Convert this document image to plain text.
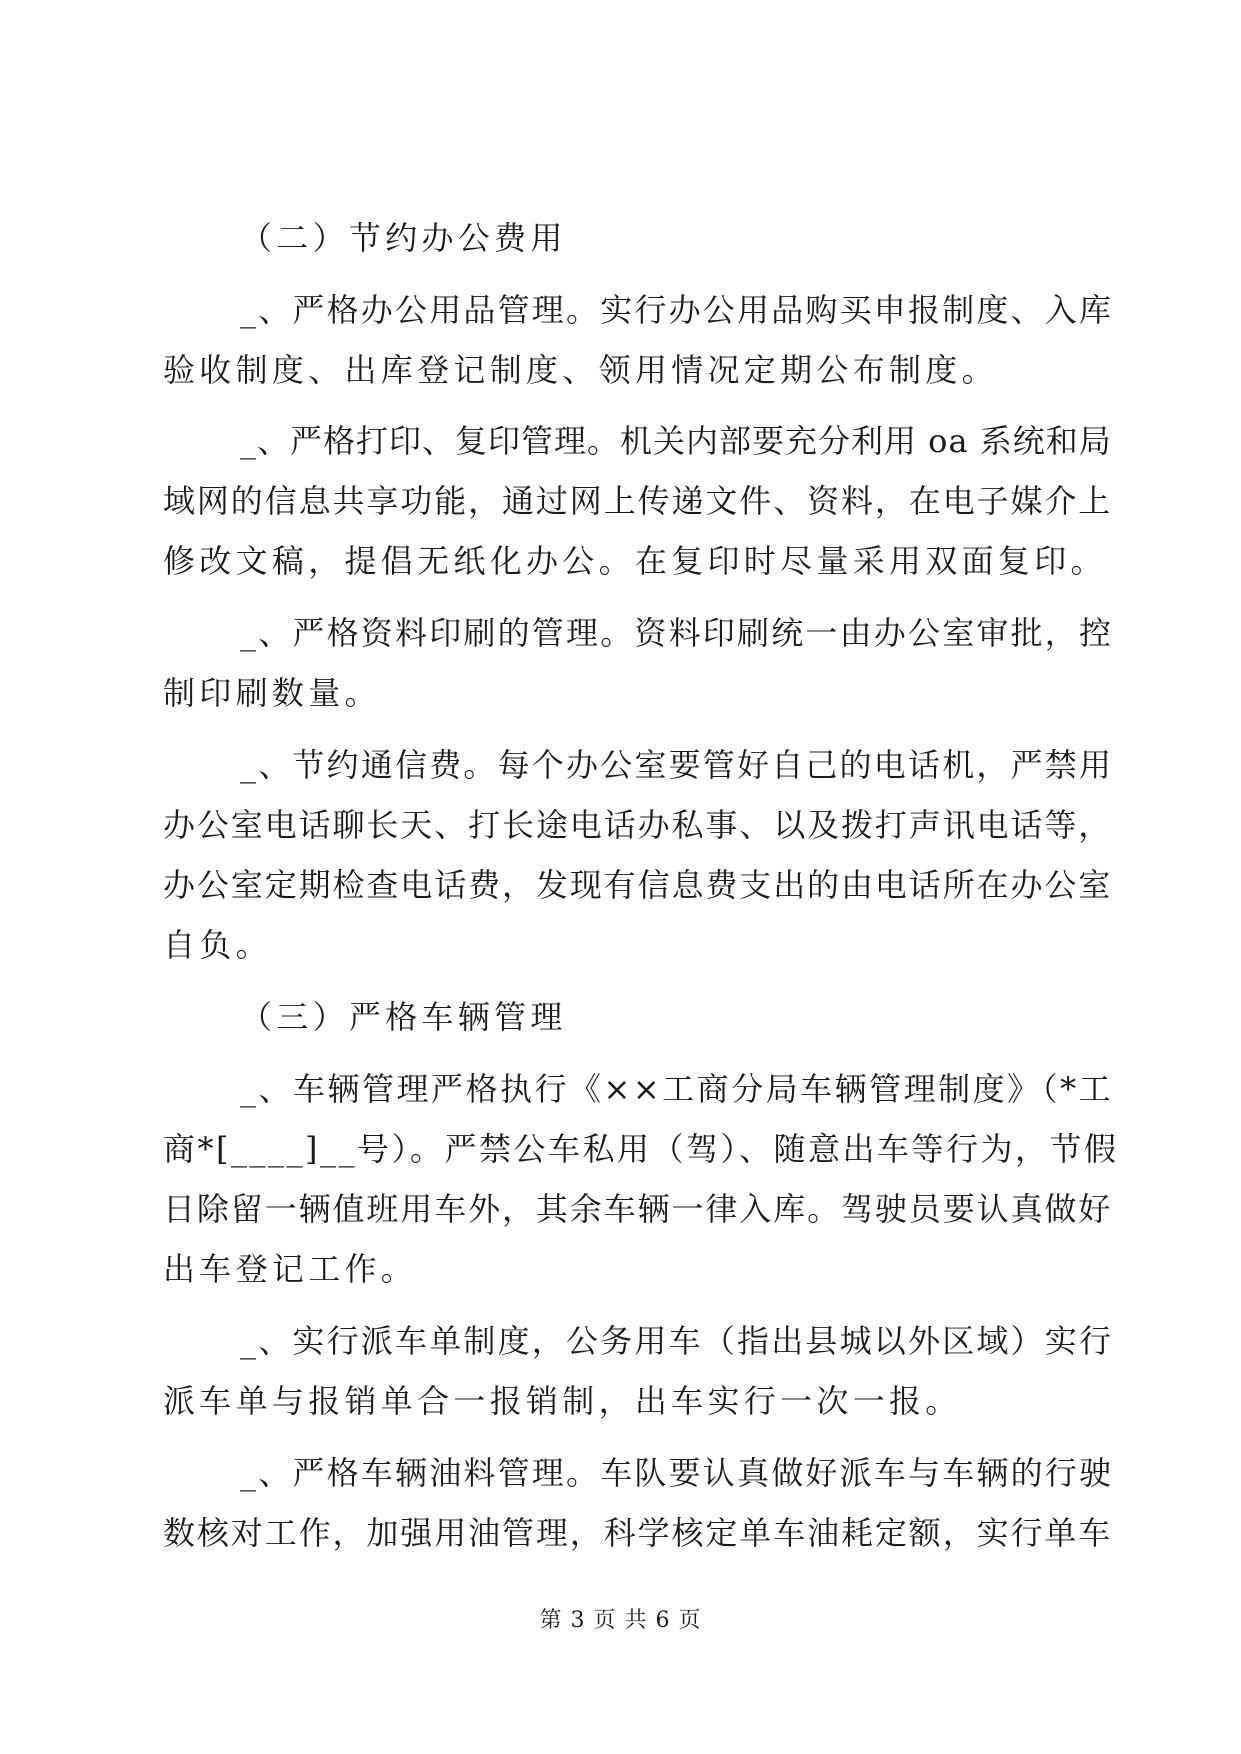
（二）节约办公费用
_、严格办公用品管理。实行办公用品购买申报制度、入库
验收制度、出库登记制度、领用情况定期公布制度。
_、严格打印、复印管理。机关内部要充分利用 oa 系统和局
域网的信息共享功能，通过网上传递文件、资料，在电子媒介上
修改文稿，提倡无纸化办公。在复印时尽量采用双面复印。
_、严格资料印刷的管理。资料印刷统一由办公室审批，控
制印刷数量。
_、节约通信费。每个办公室要管好自己的电话机，严禁用
办公室电话聊长天、打长途电话办私事、以及拨打声讯电话等，
办公室定期检查电话费，发现有信息费支出的由电话所在办公室
自负。
（三）严格车辆管理
_、车辆管理严格执行《××工商分局车辆管理制度》（*工
商*[____]__号）。严禁公车私用（驾）、随意出车等行为，节假
日除留一辆值班用车外，其余车辆一律入库。驾驶员要认真做好
出车登记工作。
_、实行派车单制度，公务用车（指出县城以外区域）实行
派车单与报销单合一报销制，出车实行一次一报。
_、严格车辆油料管理。车队要认真做好派车与车辆的行驶
数核对工作，加强用油管理，科学核定单车油耗定额，实行单车
第 3 页 共 6 页
